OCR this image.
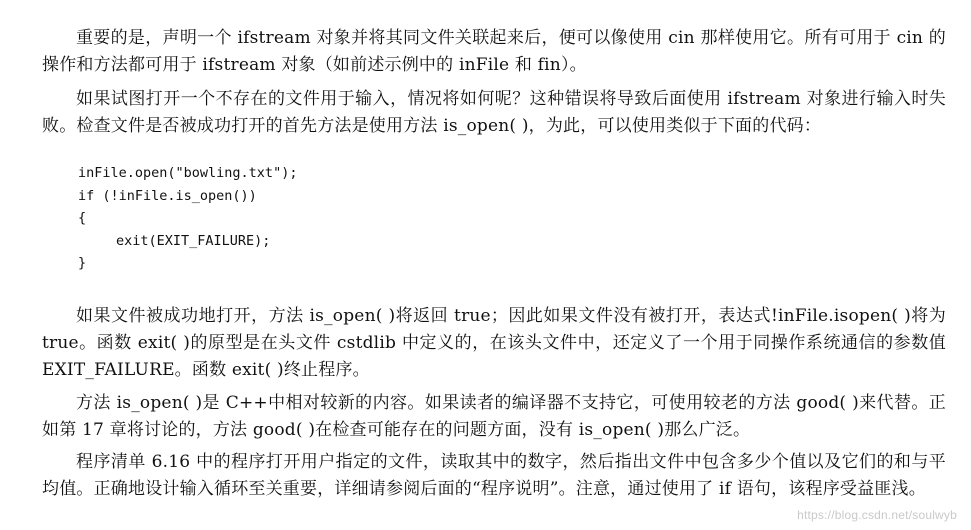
重要的是，声明一个 ifstream 对象并将其同文件关联起来后，便可以像使用 cin 那样使用它。所有可用于 cin 的操作和方法都可用于 ifstream 对象（如前述示例中的 inFile 和 fin）。

如果试图打开一个不存在的文件用于输入，情况将如何呢？这种错误将导致后面使用 ifstream 对象进行输入时失败。检查文件是否被成功打开的首先方法是使用方法 is_open( )，为此，可以使用类似于下面的代码：

inFile.open("bowling.txt");
if (!inFile.is_open())
{
exit(EXIT_FAILURE);
}

如果文件被成功地打开，方法 is_open( )将返回 true；因此如果文件没有被打开，表达式!inFile.isopen( )将为 true。函数 exit( )的原型是在头文件 cstdlib 中定义的，在该头文件中，还定义了一个用于同操作系统通信的参数值 EXIT_FAILURE。函数 exit( )终止程序。

方法 is_open( )是 C++中相对较新的内容。如果读者的编译器不支持它，可使用较老的方法 good( )来代替。正如第 17 章将讨论的，方法 good( )在检查可能存在的问题方面，没有 is_open( )那么广泛。

程序清单 6.16 中的程序打开用户指定的文件，读取其中的数字，然后指出文件中包含多少个值以及它们的和与平均值。正确地设计输入循环至关重要，详细请参阅后面的“程序说明”。注意，通过使用了 if 语句，该程序受益匪浅。

https://blog.csdn.net/soulwyb
